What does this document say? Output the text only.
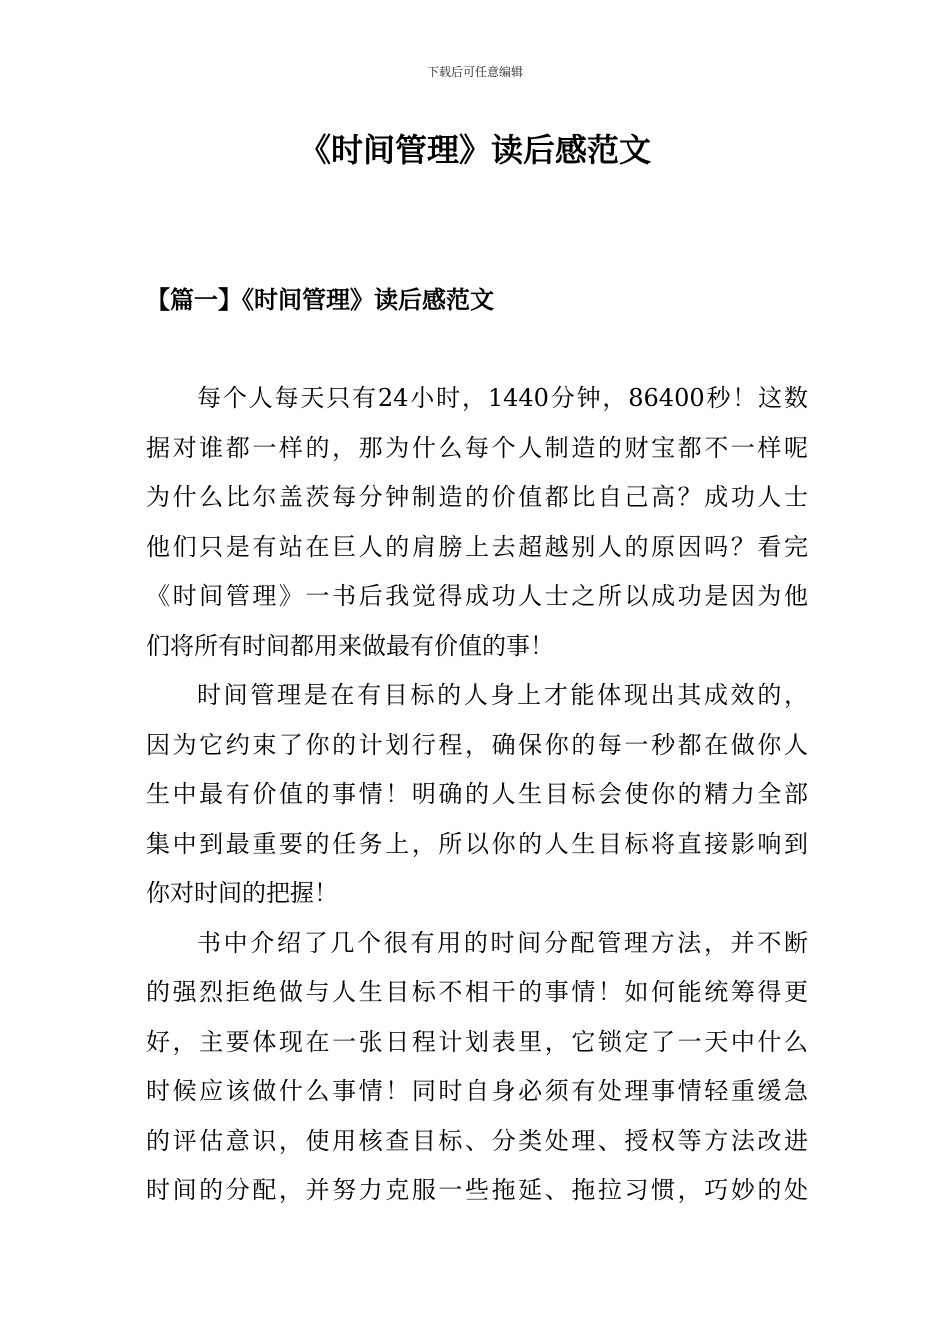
下载后可任意编辑
《时间管理》读后感范文
【篇一】《时间管理》读后感范文
每个人每天只有24小时，1440分钟，86400秒！这数
据对谁都一样的，那为什么每个人制造的财宝都不一样呢
为什么比尔盖茨每分钟制造的价值都比自己高？成功人士
他们只是有站在巨人的肩膀上去超越别人的原因吗？看完
《时间管理》一书后我觉得成功人士之所以成功是因为他
们将所有时间都用来做最有价值的事！
时间管理是在有目标的人身上才能体现出其成效的，
因为它约束了你的计划行程，确保你的每一秒都在做你人
生中最有价值的事情！明确的人生目标会使你的精力全部
集中到最重要的任务上，所以你的人生目标将直接影响到
你对时间的把握！
书中介绍了几个很有用的时间分配管理方法，并不断
的强烈拒绝做与人生目标不相干的事情！如何能统筹得更
好，主要体现在一张日程计划表里，它锁定了一天中什么
时候应该做什么事情！同时自身必须有处理事情轻重缓急
的评估意识，使用核查目标、分类处理、授权等方法改进
时间的分配，并努力克服一些拖延、拖拉习惯，巧妙的处
